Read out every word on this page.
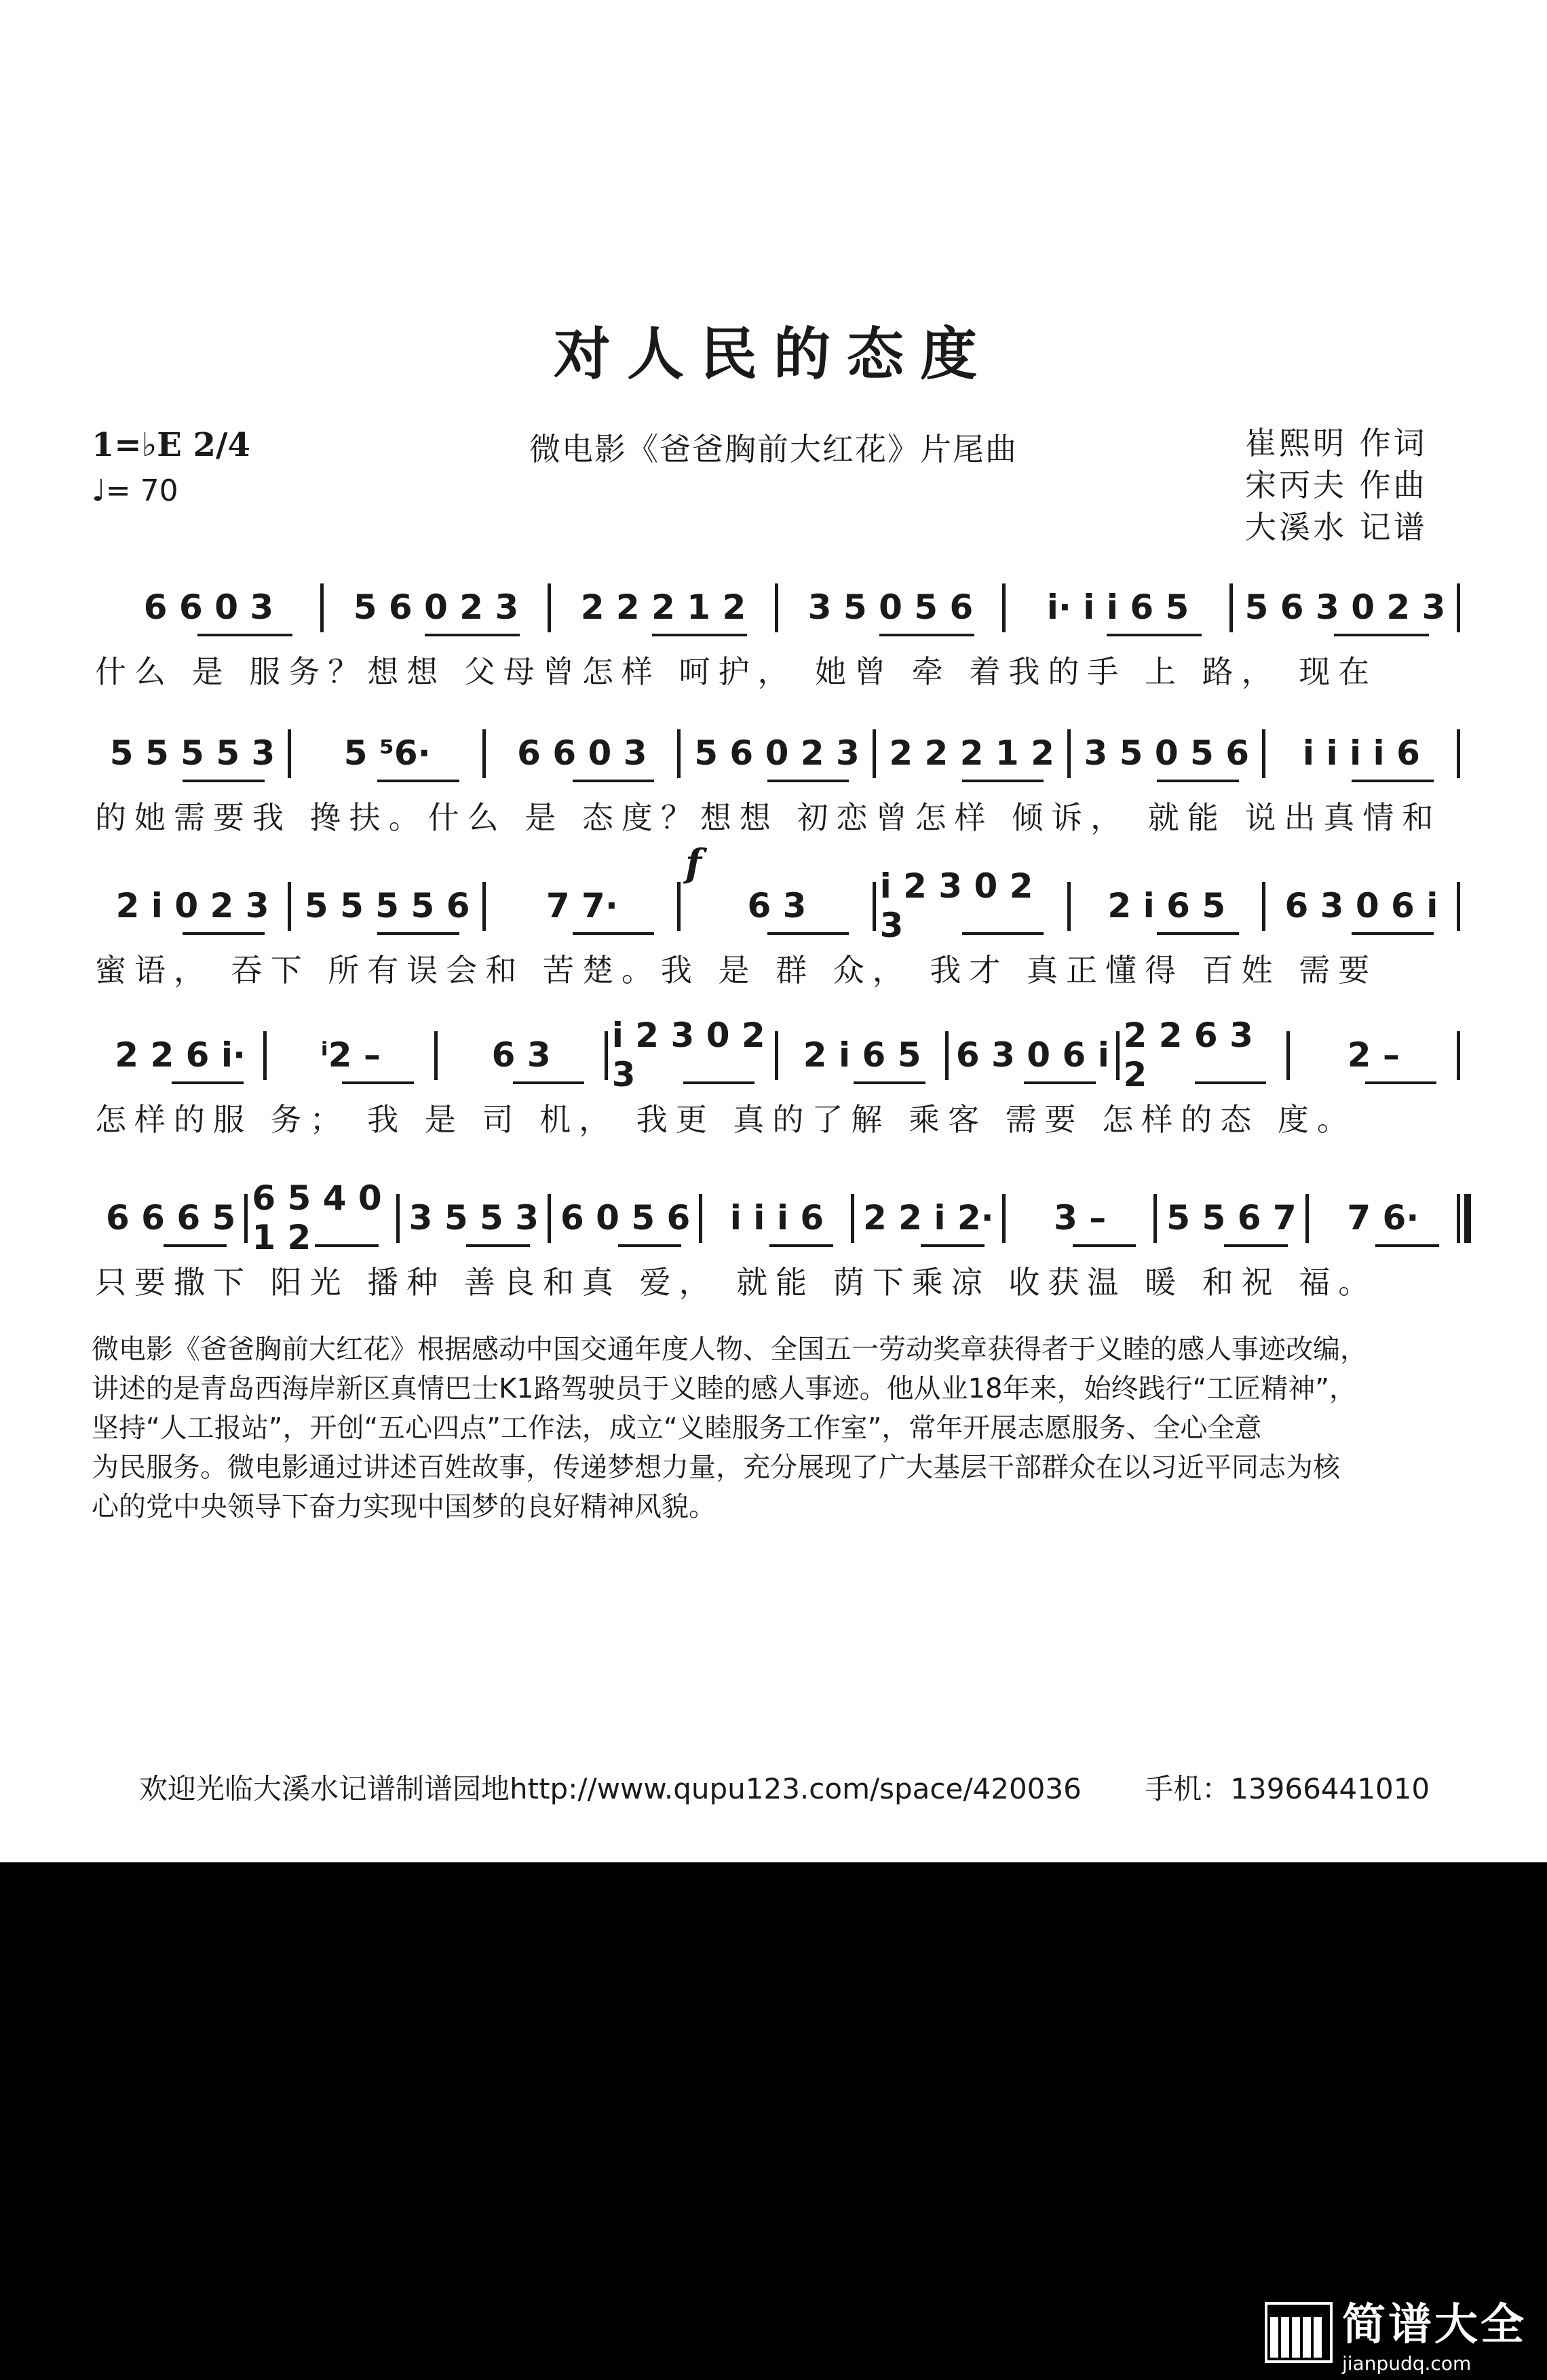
对人民的态度
1=♭E 2/4
♩= 70
微电影《爸爸胸前大红花》片尾曲	崔熙明 作词
宋丙夫 作曲
大溪水 记谱
f
6 6 0 3	5 6 0 2 3	2 2 2 1 2	3 5 0 5 6	i· i i 6 5	5 6 3 0 2 3
什么 是 服务？想想 父母曾怎样 呵护， 她曾 牵 着我的手 上 路， 现在
5 5 5 5 3	5 ⁵6·	6 6 0 3	5 6 0 2 3 2 2 2 1 2 3 5 0 5 6	i i i i 6
的她需要我 搀扶。什么 是 态度？想想 初恋曾怎样 倾诉， 就能 说出真情和
2 i 0 2 3	5 5 5 5 6	7 7·	6 3	i 2 3 0 2 3	2 i 6 5	6 3 0 6 i
蜜语， 吞下 所有误会和 苦楚。我 是 群 众， 我才 真正懂得 百姓 需要
2 2 6 i·	ⁱ2 –	6 3	i 2 3 0 2 3	2 i 6 5	6 3 0 6 i 2 2 6 3 2	2 –
怎样的服 务； 我 是 司 机， 我更 真的了解 乘客 需要 怎样的态 度。
6 6 6 5 6 5 4 0 1 2	3 5 5 3 6 0 5 6	i i i 6	2 2 i 2·	3 –	5 5 6 7	7 6·
只要撒下 阳光 播种 善良和真 爱， 就能 荫下乘凉 收获温 暖 和祝 福。
微电影《爸爸胸前大红花》根据感动中国交通年度人物、全国五一劳动奖章获得者于义睦的感人事迹改编，
讲述的是青岛西海岸新区真情巴士K1路驾驶员于义睦的感人事迹。他从业18年来，始终践行“工匠精神”，
坚持“人工报站”，开创“五心四点”工作法，成立“义睦服务工作室”，常年开展志愿服务、全心全意
为民服务。微电影通过讲述百姓故事，传递梦想力量，充分展现了广大基层干部群众在以习近平同志为核
心的党中央领导下奋力实现中国梦的良好精神风貌。
欢迎光临大溪水记谱制谱园地http://www.qupu123.com/space/420036 手机：13966441010
简谱大全
jianpudq.com
